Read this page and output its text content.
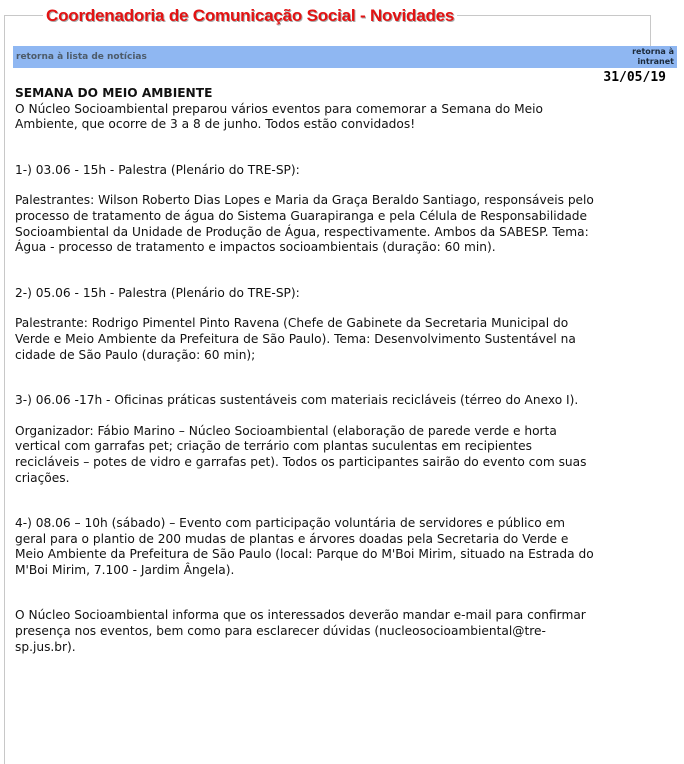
Coordenadoria de Comunicação Social - Novidades
retorna à lista de notícias
retorna à intranet
31/05/19

SEMANA DO MEIO AMBIENTE

O Núcleo Socioambiental preparou vários eventos para comemorar a Semana do Meio Ambiente, que ocorre de 3 a 8 de junho. Todos estão convidados!

1-) 03.06 - 15h - Palestra (Plenário do TRE-SP):

Palestrantes: Wilson Roberto Dias Lopes e Maria da Graça Beraldo Santiago, responsáveis pelo processo de tratamento de água do Sistema Guarapiranga e pela Célula de Responsabilidade Socioambiental da Unidade de Produção de Água, respectivamente. Ambos da SABESP. Tema: Água - processo de tratamento e impactos socioambientais (duração: 60 min).

2-) 05.06 - 15h - Palestra (Plenário do TRE-SP):

Palestrante: Rodrigo Pimentel Pinto Ravena (Chefe de Gabinete da Secretaria Municipal do Verde e Meio Ambiente da Prefeitura de São Paulo). Tema: Desenvolvimento Sustentável na cidade de São Paulo (duração: 60 min);

3-) 06.06 -17h - Oficinas práticas sustentáveis com materiais recicláveis (térreo do Anexo I).

Organizador: Fábio Marino – Núcleo Socioambiental (elaboração de parede verde e horta vertical com garrafas pet; criação de terrário com plantas suculentas em recipientes recicláveis – potes de vidro e garrafas pet). Todos os participantes sairão do evento com suas criações.

4-) 08.06 – 10h (sábado) – Evento com participação voluntária de servidores e público em geral para o plantio de 200 mudas de plantas e árvores doadas pela Secretaria do Verde e Meio Ambiente da Prefeitura de São Paulo (local: Parque do M'Boi Mirim, situado na Estrada do M'Boi Mirim, 7.100 - Jardim Ângela).

O Núcleo Socioambiental informa que os interessados deverão mandar e-mail para confirmar presença nos eventos, bem como para esclarecer dúvidas (nucleosocioambiental@tre-sp.jus.br).
